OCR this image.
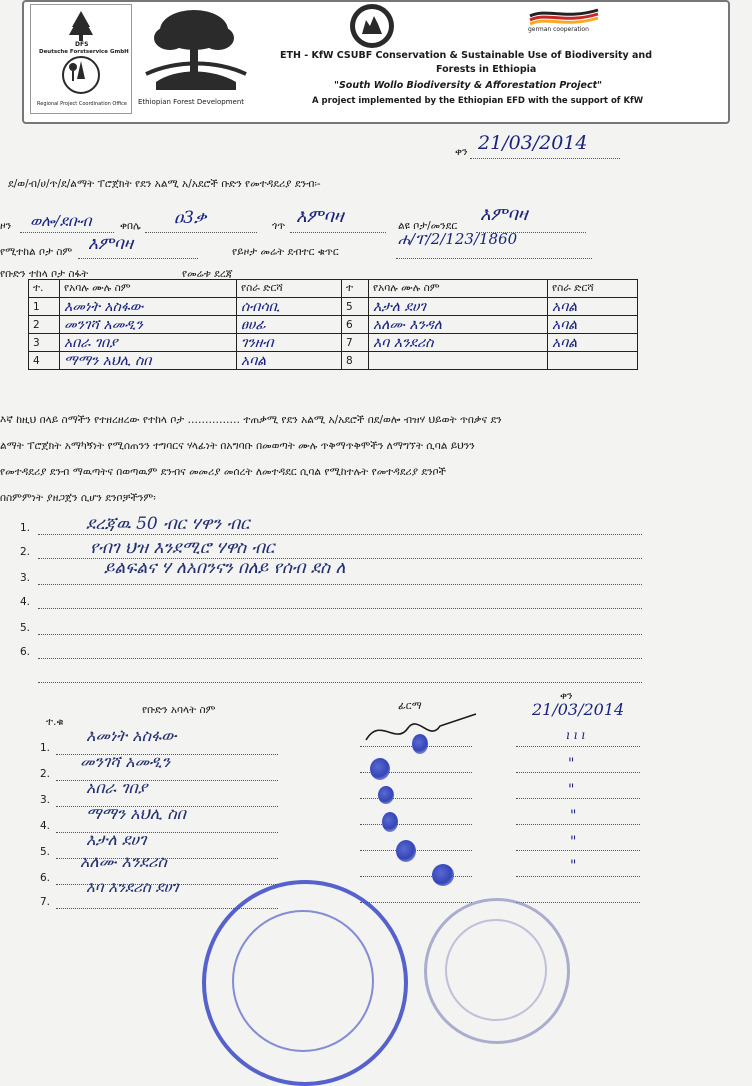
DFS
Deutsche Forstservice GmbH
Regional Project Coordination Office Ethiopian Forest Development
german cooperation
ETH - KfW CSUBF Conservation & Sustainable Use of Biodiversity and
Forests in Ethiopia
"South Wollo Biodiversity & Afforestation Project"
A project implemented by the Ethiopian EFD with the support of KfW
ቀን 21/03/2014
ደ/ወ/ብ/ሀ/ጥ/ደ/ልማት ፐሮጀክት የደን አልሚ አ/አደሮች ቡድን የመተዳደሪያ ደንብ፡-
ዞን ወሎ/ደቡብ	ቀበሌ ዐ3ቃ	ጎጥ እምባዛ	ልዩ ቦታ/መንደር
እምባዛ
የሚተከል ቦታ ስም እምባዛ	የይዞታ መሬት ደብተር ቁጥር
ሐ/ፐ/2/123/1860
የቡድን ተከላ ቦታ ስፋት	የመሬቱ ደረጃ
ተ.	የአባሉ ሙሉ ስም	የስራ ድርሻ	ተ	የአባሉ ሙሉ ስም	የስራ ድርሻ
1	እመነት አስፋው	ሰብሳቢ	5	እታለ ደሀገ	አባል
2	መንገሻ አመዲን	ፀሀፊ	6	አለሙ እንዳለ	አባል
3	አበራ ገበያ	ገንዘብ	7	እባ እንደሪስ	አባል
4	ማማን አህሊ ስበ	አባል	8		
እኛ ከዚህ በላይ ስማችን የተዘረዘረው የተከላ ቦታ …………… ተጠቃሚ የደን አልሚ አ/አደሮች በደ/ወሎ ብዝሃ ህይወት ጥበቃና ደን
ልማት ፐሮጀክት አማካኝነት የሚሰጠንን ተግባርና ሃላፊነት በአግባቡ በመወጣት ሙሉ ጥቅማጥቅሞችን ለማግኘት ሲባል ይህንን
የመተዳደሪያ ደንብ ማዉጣትና በወጣዉም ደንብና መመሪያ መሰረት ለመተዳደር ሲባል የሚከተሉት የመተዳደሪያ ደንቦች
በስምምነት ያዘጋጀን ሲሆን ደንቦቻችንም፡
1.	ደረጃዉ 50 ብር ሃዋን ብር
2.	የብገ ህዝ እንደሚሮ ሃዋስ ብር
3.	ይልፍልና ሃ ለአበንናን በለይ የሰብ ደስ ለ
4.
5.
6.
ተ.ቁ
የቡድን አባላት ስም	ፊርማ
ቀን
21/03/2014
1.
እመነት አስፋው	ı ı ı
2.
መንገሻ አመዲን	"
3.
አበራ ገበያ	"
4.
ማማን አህሊ ስበ	"
5.
እታለ ደሀገ	"
6.
አለሙ እንደሪስ	"
7.
እባ እንደሪስ ደሀገ
